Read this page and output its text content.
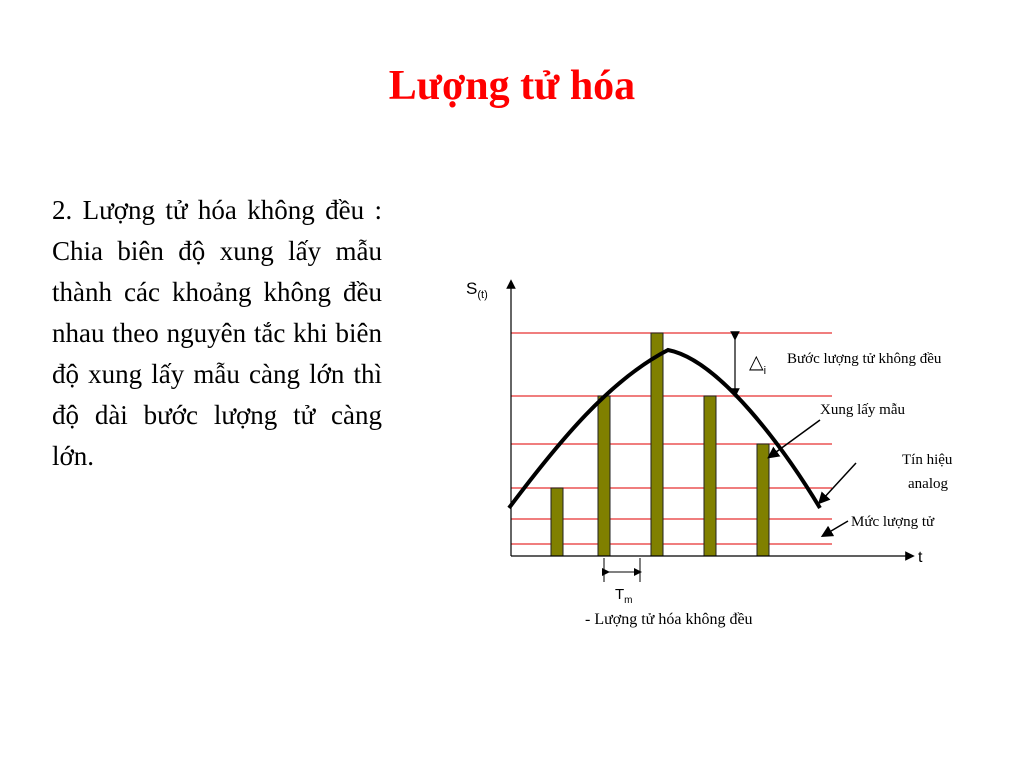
Lượng tử hóa

2. Lượng tử hóa không đều : Chia biên độ xung lấy mẫu thành các khoảng không đều nhau theo nguyên tắc khi biên độ xung lấy mẫu càng lớn thì độ dài bước lượng tử càng lớn.

$S_{(t)}$
t
$\triangle_i$
Bước lượng tử không đều
Xung lấy mẫu
Tín hiệu
analog
Mức lượng tử
$T_m$
- Lượng tử hóa không đều
